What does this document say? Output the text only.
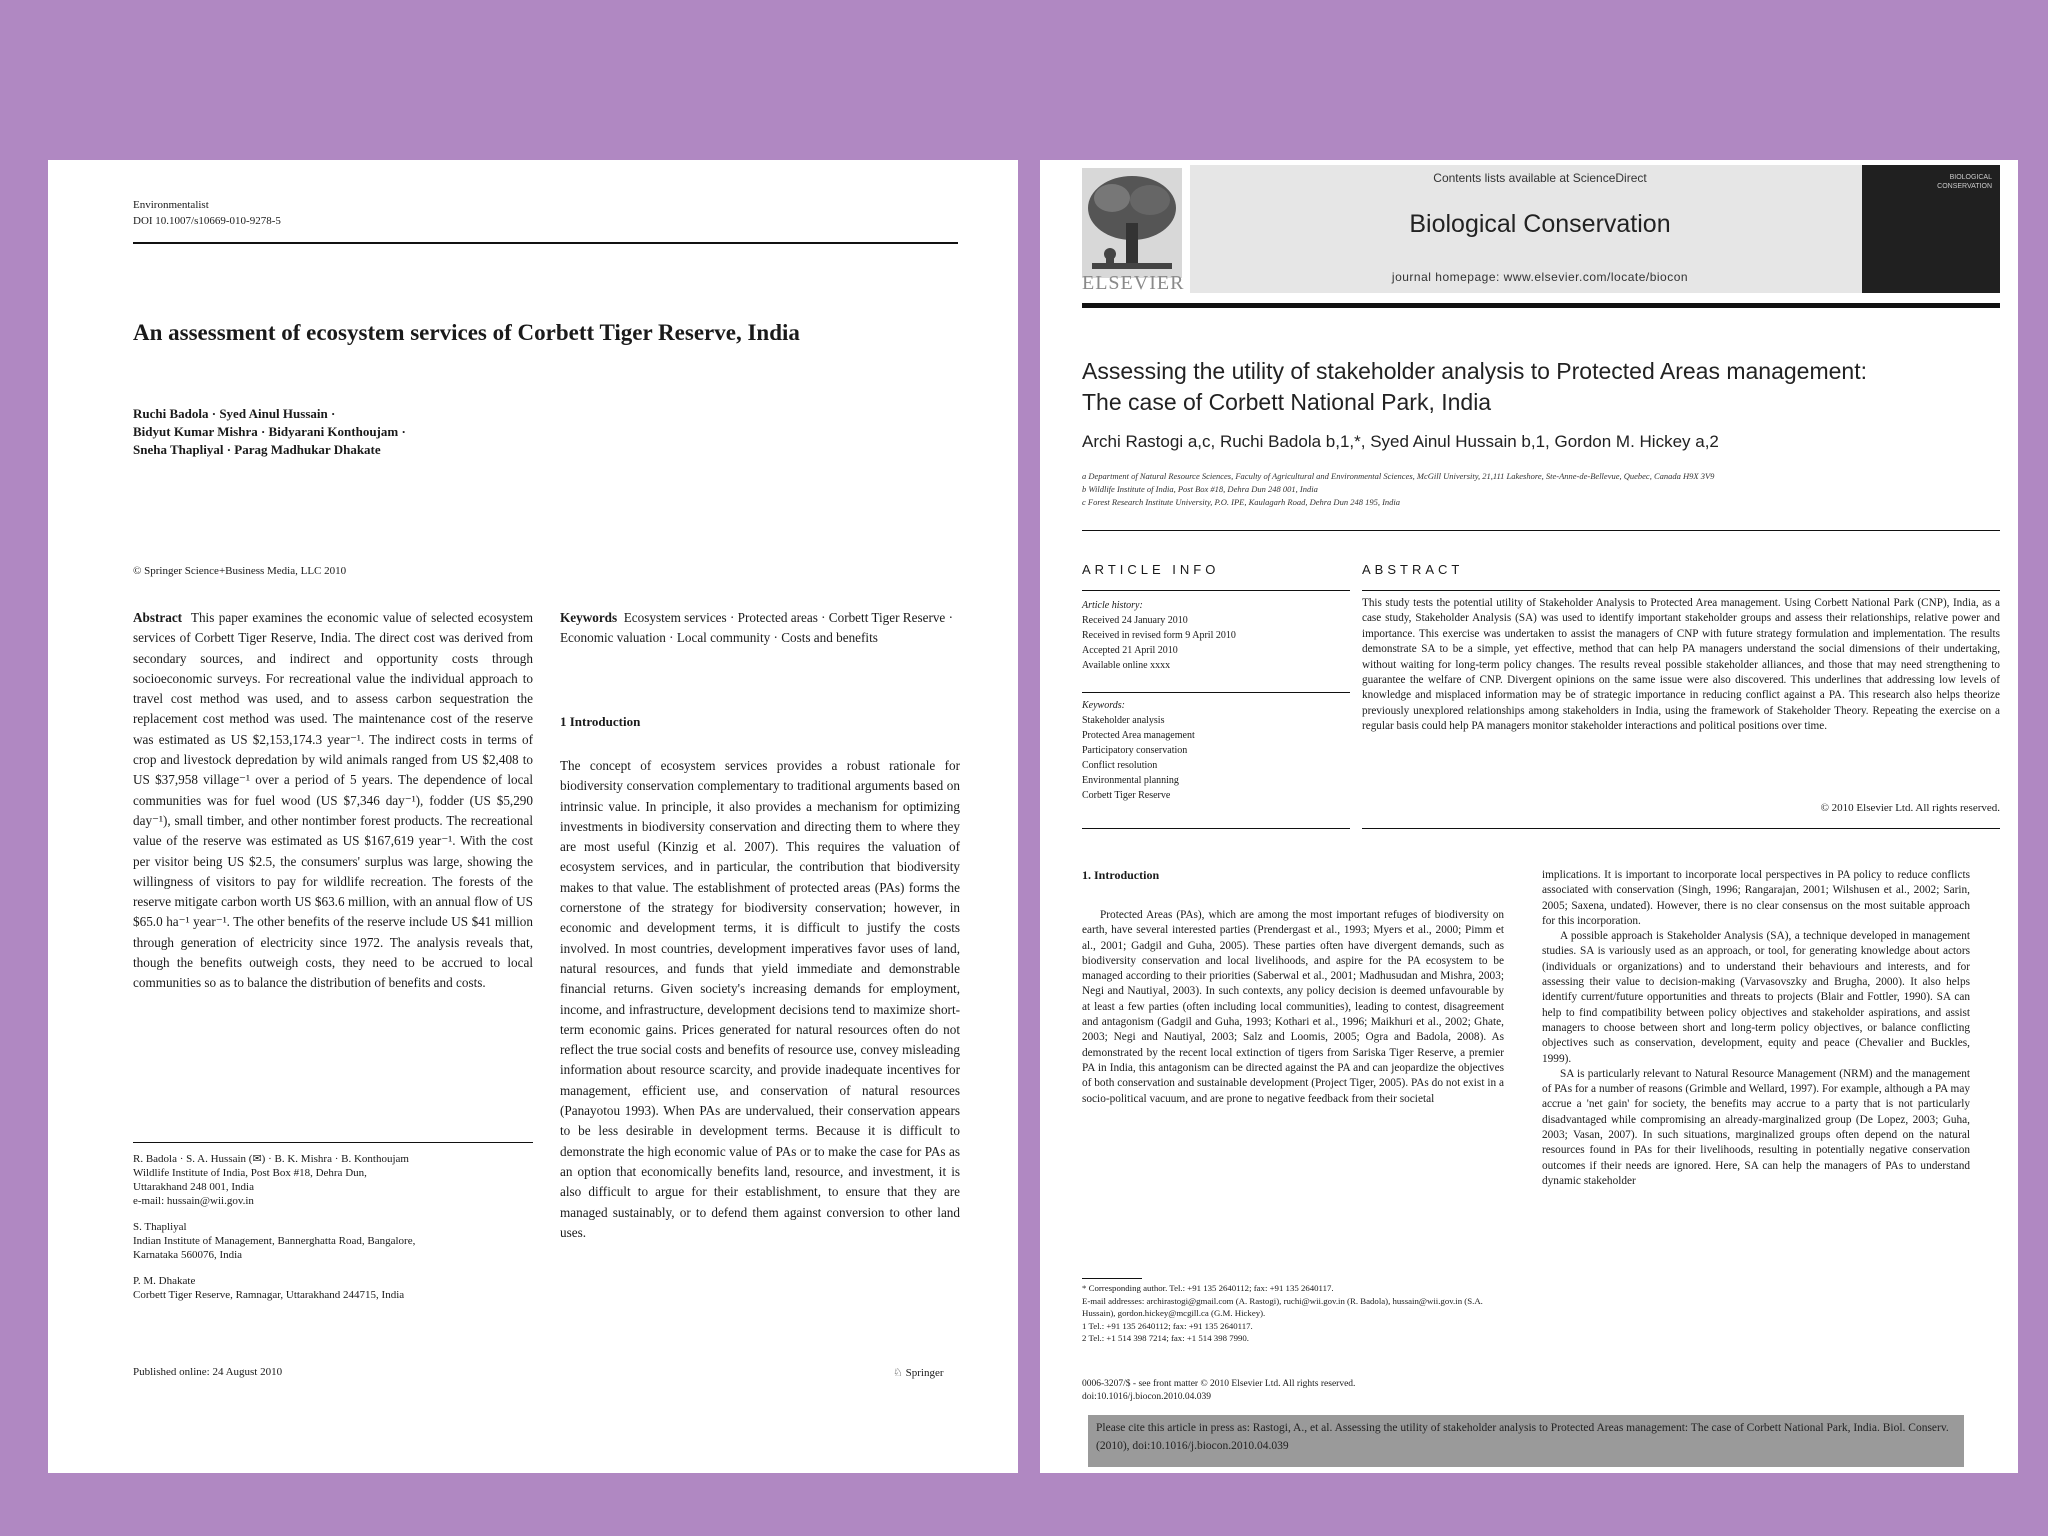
Environmentalist
DOI 10.1007/s10669-010-9278-5
An assessment of ecosystem services of Corbett Tiger Reserve, India
Ruchi Badola · Syed Ainul Hussain ·
Bidyut Kumar Mishra · Bidyarani Konthoujam ·
Sneha Thapliyal · Parag Madhukar Dhakate
© Springer Science+Business Media, LLC 2010
Abstract This paper examines the economic value of selected ecosystem services of Corbett Tiger Reserve, India. The direct cost was derived from secondary sources, and indirect and opportunity costs through socioeconomic surveys. For recreational value the individual approach to travel cost method was used, and to assess carbon sequestration the replacement cost method was used. The maintenance cost of the reserve was estimated as US $2,153,174.3 year⁻¹. The indirect costs in terms of crop and livestock depredation by wild animals ranged from US $2,408 to US $37,958 village⁻¹ over a period of 5 years. The dependence of local communities was for fuel wood (US $7,346 day⁻¹), fodder (US $5,290 day⁻¹), small timber, and other nontimber forest products. The recreational value of the reserve was estimated as US $167,619 year⁻¹. With the cost per visitor being US $2.5, the consumers' surplus was large, showing the willingness of visitors to pay for wildlife recreation. The forests of the reserve mitigate carbon worth US $63.6 million, with an annual flow of US $65.0 ha⁻¹ year⁻¹. The other benefits of the reserve include US $41 million through generation of electricity since 1972. The analysis reveals that, though the benefits outweigh costs, they need to be accrued to local communities so as to balance the distribution of benefits and costs.
R. Badola · S. A. Hussain (✉) · B. K. Mishra · B. Konthoujam
Wildlife Institute of India, Post Box #18, Dehra Dun,
Uttarakhand 248 001, India
e-mail: hussain@wii.gov.in
S. Thapliyal
Indian Institute of Management, Bannerghatta Road, Bangalore,
Karnataka 560076, India
P. M. Dhakate
Corbett Tiger Reserve, Ramnagar, Uttarakhand 244715, India
Keywords Ecosystem services · Protected areas · Corbett Tiger Reserve · Economic valuation · Local community · Costs and benefits
1 Introduction
The concept of ecosystem services provides a robust rationale for biodiversity conservation complementary to traditional arguments based on intrinsic value. In principle, it also provides a mechanism for optimizing investments in biodiversity conservation and directing them to where they are most useful (Kinzig et al. 2007). This requires the valuation of ecosystem services, and in particular, the contribution that biodiversity makes to that value. The establishment of protected areas (PAs) forms the cornerstone of the strategy for biodiversity conservation; however, in economic and development terms, it is difficult to justify the costs involved. In most countries, development imperatives favor uses of land, natural resources, and funds that yield immediate and demonstrable financial returns. Given society's increasing demands for employment, income, and infrastructure, development decisions tend to maximize short-term economic gains. Prices generated for natural resources often do not reflect the true social costs and benefits of resource use, convey misleading information about resource scarcity, and provide inadequate incentives for management, efficient use, and conservation of natural resources (Panayotou 1993). When PAs are undervalued, their conservation appears to be less desirable in development terms. Because it is difficult to demonstrate the high economic value of PAs or to make the case for PAs as an option that economically benefits land, resource, and investment, it is also difficult to argue for their establishment, to ensure that they are managed sustainably, or to defend them against conversion to other land uses.
Published online: 24 August 2010	♘ Springer
ELSEVIER
Contents lists available at ScienceDirect
Biological Conservation
journal homepage: www.elsevier.com/locate/biocon
BIOLOGICAL
CONSERVATION
Assessing the utility of stakeholder analysis to Protected Areas management:
The case of Corbett National Park, India
Archi Rastogi a,c, Ruchi Badola b,1,*, Syed Ainul Hussain b,1, Gordon M. Hickey a,2
a Department of Natural Resource Sciences, Faculty of Agricultural and Environmental Sciences, McGill University, 21,111 Lakeshore, Ste-Anne-de-Bellevue, Quebec, Canada H9X 3V9
b Wildlife Institute of India, Post Box #18, Dehra Dun 248 001, India
c Forest Research Institute University, P.O. IPE, Kaulagarh Road, Dehra Dun 248 195, India
ARTICLE INFO
Article history:
Received 24 January 2010
Received in revised form 9 April 2010
Accepted 21 April 2010
Available online xxxx
Keywords:
Stakeholder analysis
Protected Area management
Participatory conservation
Conflict resolution
Environmental planning
Corbett Tiger Reserve
ABSTRACT
This study tests the potential utility of Stakeholder Analysis to Protected Area management. Using Corbett National Park (CNP), India, as a case study, Stakeholder Analysis (SA) was used to identify important stakeholder groups and assess their relationships, relative power and importance. This exercise was undertaken to assist the managers of CNP with future strategy formulation and implementation. The results demonstrate SA to be a simple, yet effective, method that can help PA managers understand the social dimensions of their undertaking, without waiting for long-term policy changes. The results reveal possible stakeholder alliances, and those that may need strengthening to guarantee the welfare of CNP. Divergent opinions on the same issue were also discovered. This underlines that addressing low levels of knowledge and misplaced information may be of strategic importance in reducing conflict against a PA. This research also helps theorize previously unexplored relationships among stakeholders in India, using the framework of Stakeholder Theory. Repeating the exercise on a regular basis could help PA managers monitor stakeholder interactions and political positions over time.
© 2010 Elsevier Ltd. All rights reserved.
1. Introduction
Protected Areas (PAs), which are among the most important refuges of biodiversity on earth, have several interested parties (Prendergast et al., 1993; Myers et al., 2000; Pimm et al., 2001; Gadgil and Guha, 2005). These parties often have divergent demands, such as biodiversity conservation and local livelihoods, and aspire for the PA ecosystem to be managed according to their priorities (Saberwal et al., 2001; Madhusudan and Mishra, 2003; Negi and Nautiyal, 2003). In such contexts, any policy decision is deemed unfavourable by at least a few parties (often including local communities), leading to contest, disagreement and antagonism (Gadgil and Guha, 1993; Kothari et al., 1996; Maikhuri et al., 2002; Ghate, 2003; Negi and Nautiyal, 2003; Salz and Loomis, 2005; Ogra and Badola, 2008). As demonstrated by the recent local extinction of tigers from Sariska Tiger Reserve, a premier PA in India, this antagonism can be directed against the PA and can jeopardize the objectives of both conservation and sustainable development (Project Tiger, 2005). PAs do not exist in a socio-political vacuum, and are prone to negative feedback from their societal
implications. It is important to incorporate local perspectives in PA policy to reduce conflicts associated with conservation (Singh, 1996; Rangarajan, 2001; Wilshusen et al., 2002; Sarin, 2005; Saxena, undated). However, there is no clear consensus on the most suitable approach for this incorporation.
A possible approach is Stakeholder Analysis (SA), a technique developed in management studies. SA is variously used as an approach, or tool, for generating knowledge about actors (individuals or organizations) and to understand their behaviours and interests, and for assessing their value to decision-making (Varvasovszky and Brugha, 2000). It also helps identify current/future opportunities and threats to projects (Blair and Fottler, 1990). SA can help to find compatibility between policy objectives and stakeholder aspirations, and assist managers to choose between short and long-term policy objectives, or balance conflicting objectives such as conservation, development, equity and peace (Chevalier and Buckles, 1999).
SA is particularly relevant to Natural Resource Management (NRM) and the management of PAs for a number of reasons (Grimble and Wellard, 1997). For example, although a PA may accrue a 'net gain' for society, the benefits may accrue to a party that is not particularly disadvantaged while compromising an already-marginalized group (De Lopez, 2003; Guha, 2003; Vasan, 2007). In such situations, marginalized groups often depend on the natural resources found in PAs for their livelihoods, resulting in potentially negative conservation outcomes if their needs are ignored. Here, SA can help the managers of PAs to understand dynamic stakeholder
* Corresponding author. Tel.: +91 135 2640112; fax: +91 135 2640117.
E-mail addresses: archirastogi@gmail.com (A. Rastogi), ruchi@wii.gov.in (R. Badola), hussain@wii.gov.in (S.A. Hussain), gordon.hickey@mcgill.ca (G.M. Hickey).
1 Tel.: +91 135 2640112; fax: +91 135 2640117.
2 Tel.: +1 514 398 7214; fax: +1 514 398 7990.
0006-3207/$ - see front matter © 2010 Elsevier Ltd. All rights reserved.
doi:10.1016/j.biocon.2010.04.039
Please cite this article in press as: Rastogi, A., et al. Assessing the utility of stakeholder analysis to Protected Areas management: The case of Corbett National Park, India. Biol. Conserv. (2010), doi:10.1016/j.biocon.2010.04.039
